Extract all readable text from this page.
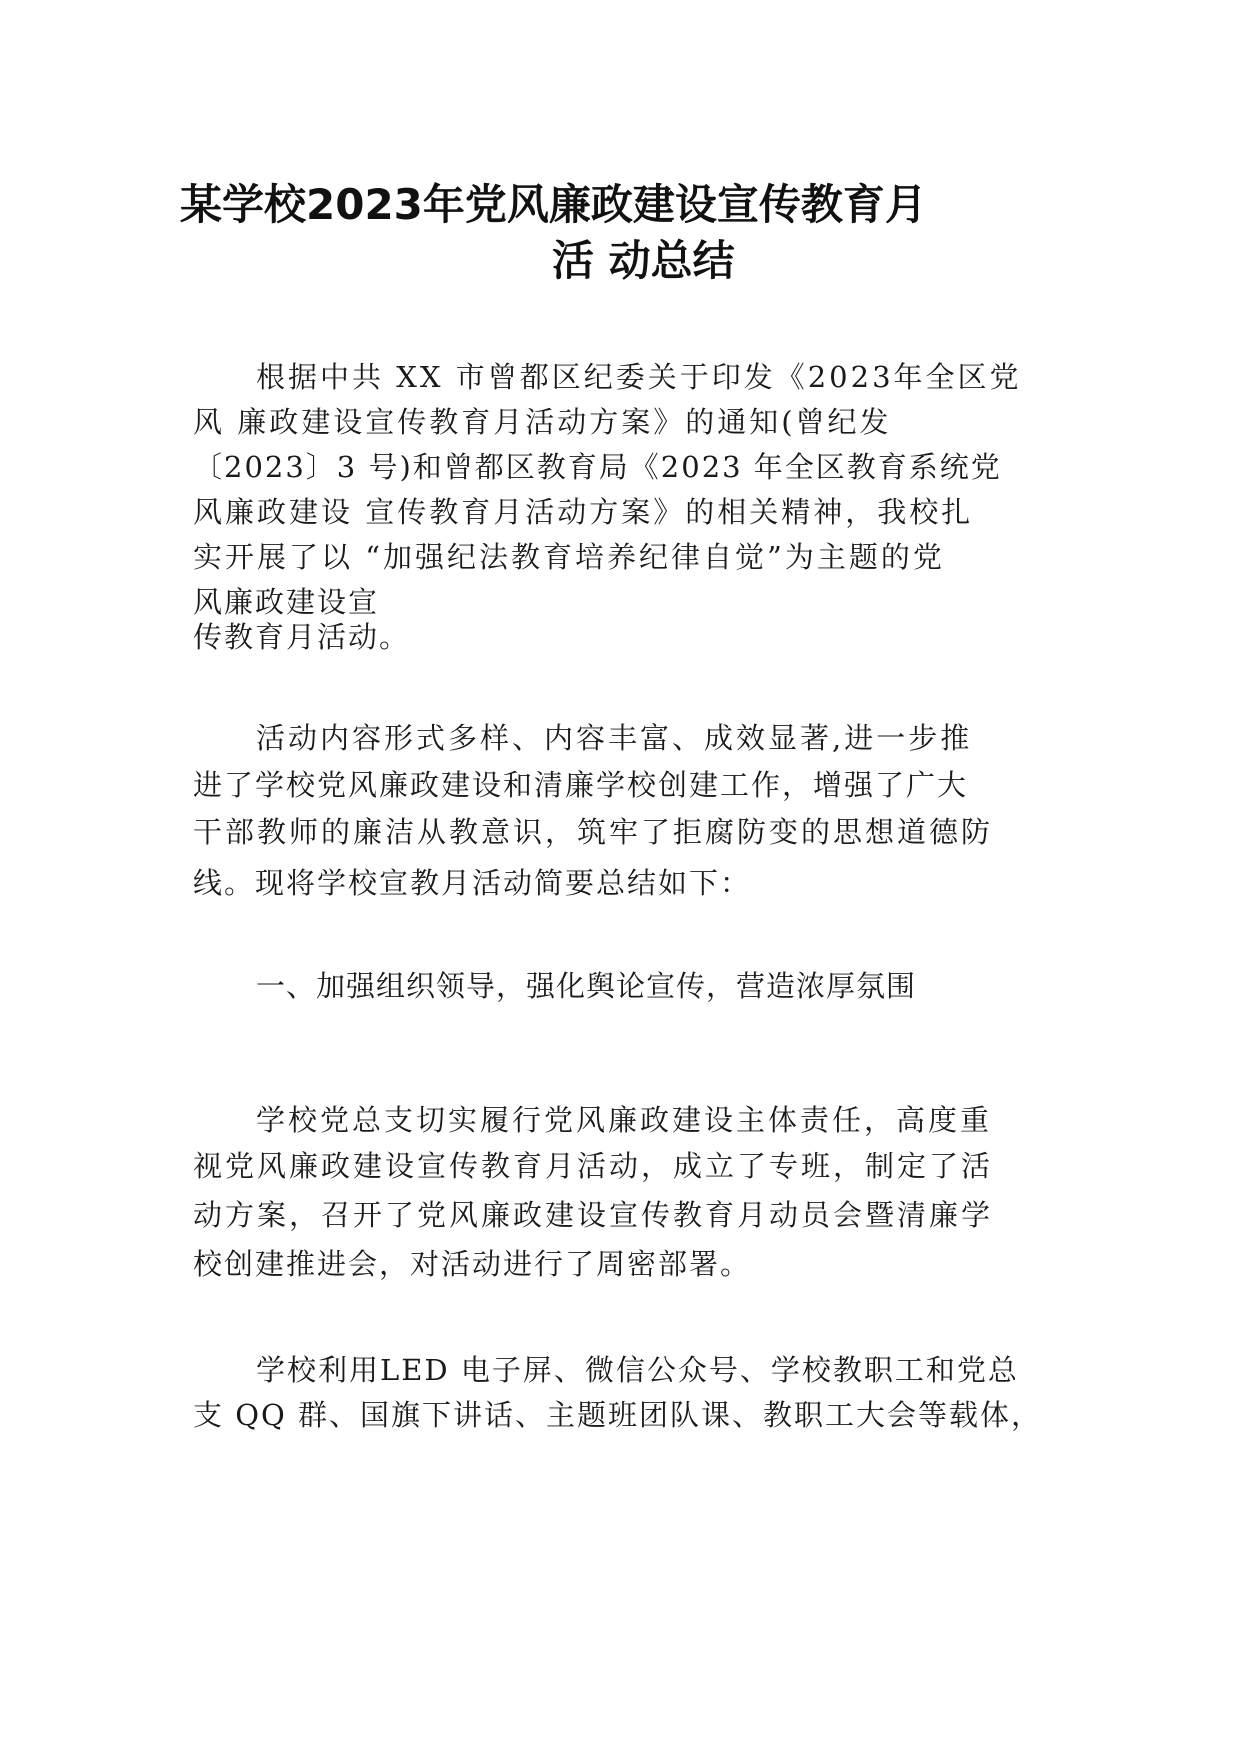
某学校2023年党风廉政建设宣传教育月
活 动总结
根据中共 XX 市曾都区纪委关于印发《2023年全区党
风 廉政建设宣传教育月活动方案》的通知(曾纪发
〔2023〕3 号)和曾都区教育局《2023 年全区教育系统党
风廉政建设 宣传教育月活动方案》的相关精神，我校扎
实开展了以 “加强纪法教育培养纪律自觉”为主题的党
风廉政建设宣
传教育月活动。
活动内容形式多样、内容丰富、成效显著,进一步推
进了学校党风廉政建设和清廉学校创建工作，增强了广大
干部教师的廉洁从教意识，筑牢了拒腐防变的思想道德防
线。现将学校宣教月活动简要总结如下：
一、加强组织领导，强化舆论宣传，营造浓厚氛围
学校党总支切实履行党风廉政建设主体责任，高度重
视党风廉政建设宣传教育月活动，成立了专班，制定了活
动方案，召开了党风廉政建设宣传教育月动员会暨清廉学
校创建推进会，对活动进行了周密部署。
学校利用LED 电子屏、微信公众号、学校教职工和党总
支 QQ 群、国旗下讲话、主题班团队课、教职工大会等载体，
